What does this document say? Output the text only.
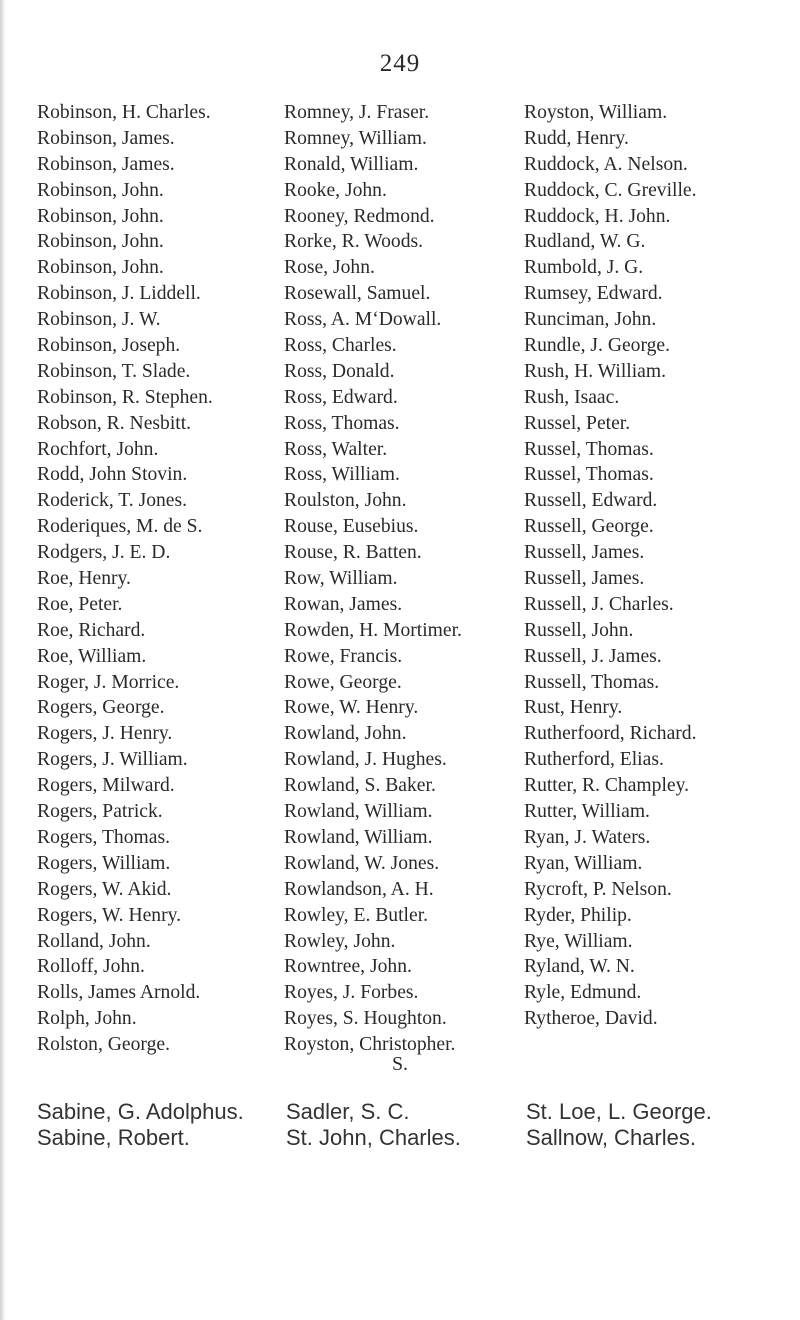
249
Robinson, H. Charles.
Robinson, James.
Robinson, James.
Robinson, John.
Robinson, John.
Robinson, John.
Robinson, John.
Robinson, J. Liddell.
Robinson, J. W.
Robinson, Joseph.
Robinson, T. Slade.
Robinson, R. Stephen.
Robson, R. Nesbitt.
Rochfort, John.
Rodd, John Stovin.
Roderick, T. Jones.
Roderiques, M. de S.
Rodgers, J. E. D.
Roe, Henry.
Roe, Peter.
Roe, Richard.
Roe, William.
Roger, J. Morrice.
Rogers, George.
Rogers, J. Henry.
Rogers, J. William.
Rogers, Milward.
Rogers, Patrick.
Rogers, Thomas.
Rogers, William.
Rogers, W. Akid.
Rogers, W. Henry.
Rolland, John.
Rolloff, John.
Rolls, James Arnold.
Rolph, John.
Rolston, George.
Romney, J. Fraser.
Romney, William.
Ronald, William.
Rooke, John.
Rooney, Redmond.
Rorke, R. Woods.
Rose, John.
Rosewall, Samuel.
Ross, A. M‘Dowall.
Ross, Charles.
Ross, Donald.
Ross, Edward.
Ross, Thomas.
Ross, Walter.
Ross, William.
Roulston, John.
Rouse, Eusebius.
Rouse, R. Batten.
Row, William.
Rowan, James.
Rowden, H. Mortimer.
Rowe, Francis.
Rowe, George.
Rowe, W. Henry.
Rowland, John.
Rowland, J. Hughes.
Rowland, S. Baker.
Rowland, William.
Rowland, William.
Rowland, W. Jones.
Rowlandson, A. H.
Rowley, E. Butler.
Rowley, John.
Rowntree, John.
Royes, J. Forbes.
Royes, S. Houghton.
Royston, Christopher.
Royston, William.
Rudd, Henry.
Ruddock, A. Nelson.
Ruddock, C. Greville.
Ruddock, H. John.
Rudland, W. G.
Rumbold, J. G.
Rumsey, Edward.
Runciman, John.
Rundle, J. George.
Rush, H. William.
Rush, Isaac.
Russel, Peter.
Russel, Thomas.
Russel, Thomas.
Russell, Edward.
Russell, George.
Russell, James.
Russell, James.
Russell, J. Charles.
Russell, John.
Russell, J. James.
Russell, Thomas.
Rust, Henry.
Rutherfoord, Richard.
Rutherford, Elias.
Rutter, R. Champley.
Rutter, William.
Ryan, J. Waters.
Ryan, William.
Rycroft, P. Nelson.
Ryder, Philip.
Rye, William.
Ryland, W. N.
Ryle, Edmund.
Rytheroe, David.
S.
Sabine, G. Adolphus.
Sabine, Robert.
Sadler, S. C.
St. John, Charles.
St. Loe, L. George.
Sallnow, Charles.
